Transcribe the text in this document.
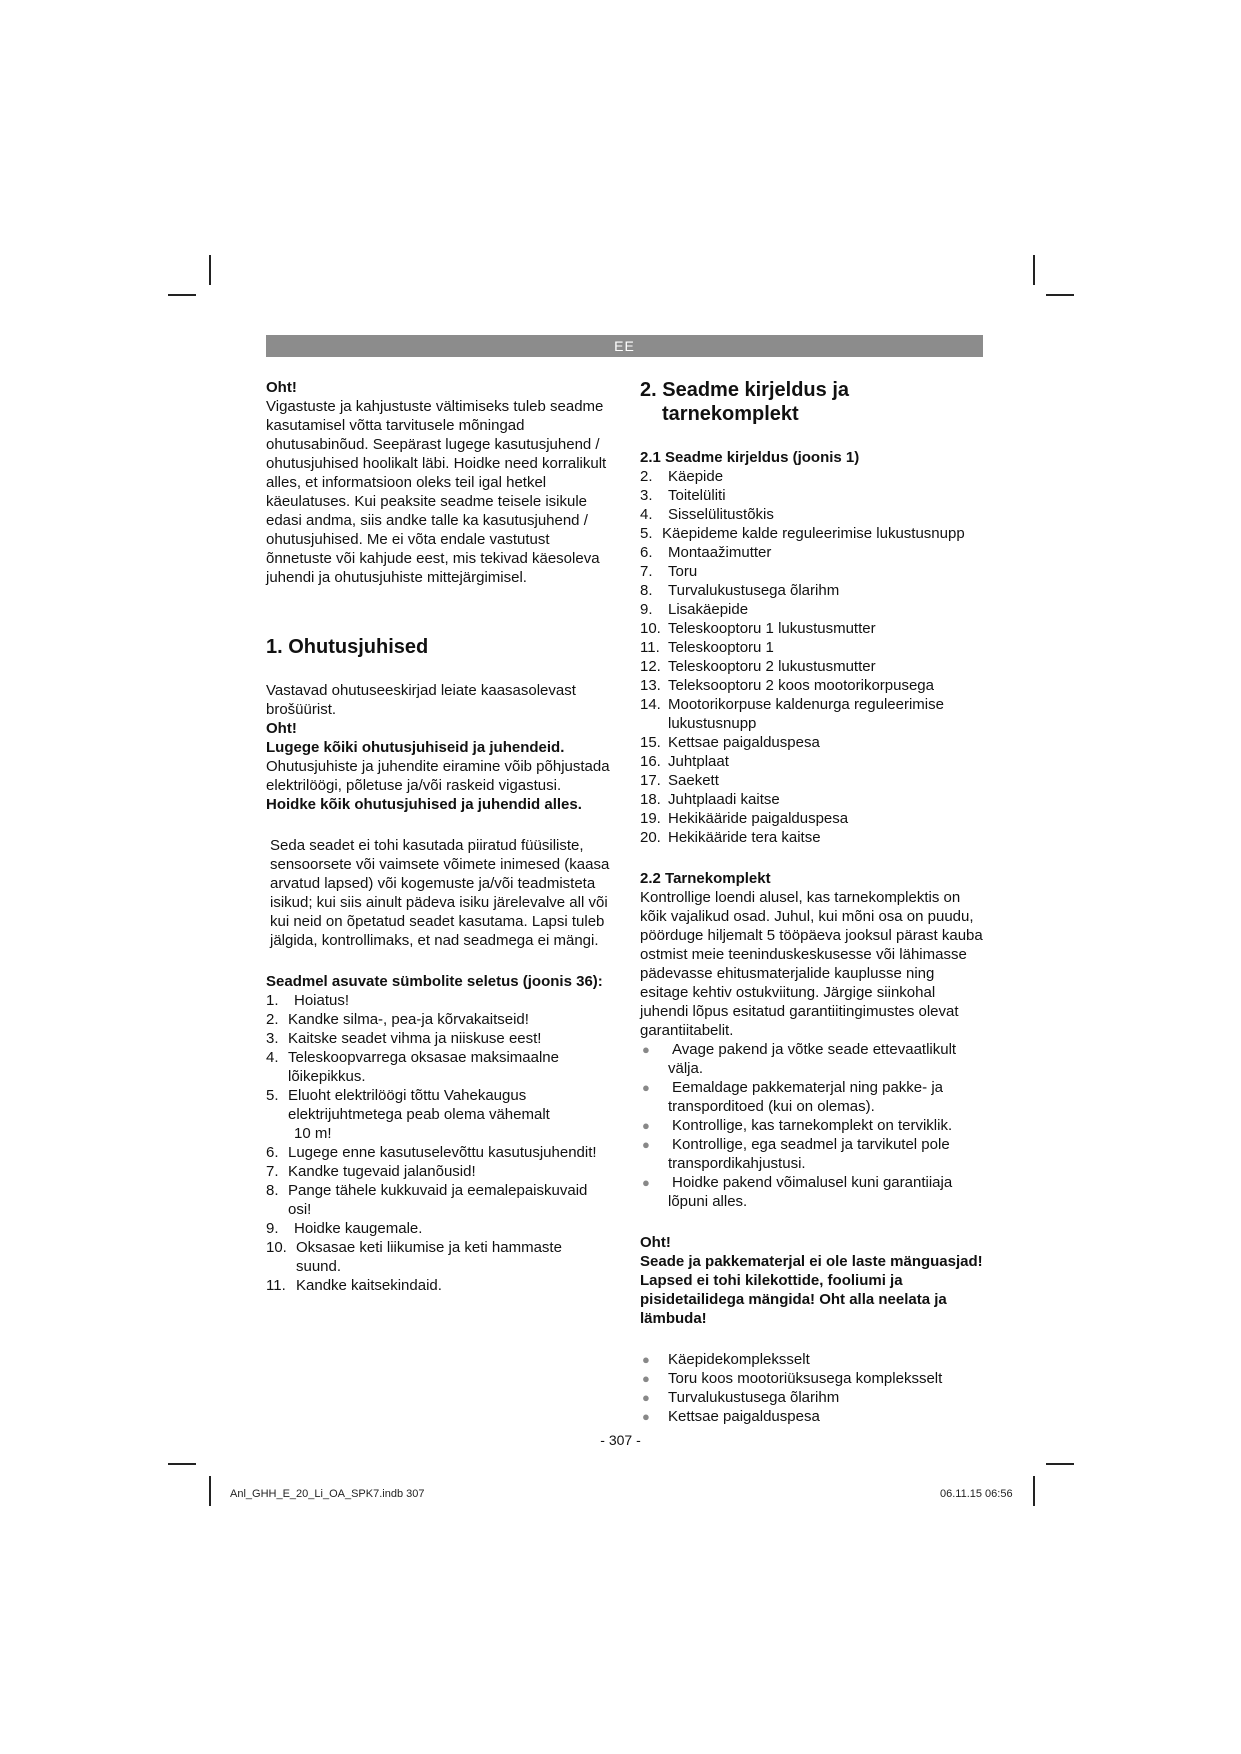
EE

Oht!

Vigastuste ja kahjustuste vältimiseks tuleb seadme kasutamisel võtta tarvitusele mõningad ohutusabinõud. Seepärast lugege kasutusjuhend / ohutusjuhised hoolikalt läbi. Hoidke need korralikult alles, et informatsioon oleks teil igal hetkel käeulatuses. Kui peaksite seadme teisele isikule edasi andma, siis andke talle ka kasutusjuhend / ohutusjuhised. Me ei võta endale vastutust õnnetuste või kahjude eest, mis tekivad käesoleva juhendi ja ohutusjuhiste mittejärgimisel.

1. Ohutusjuhised

Vastavad ohutuseeskirjad leiate kaasasolevast brošüürist.

Oht!

Lugege kõiki ohutusjuhiseid ja juhendeid.

Ohutusjuhiste ja juhendite eiramine võib põhjustada elektrilöögi, põletuse ja/või raskeid vigastusi.

Hoidke kõik ohutusjuhised ja juhendid alles.

Seda seadet ei tohi kasutada piiratud füüsiliste, sensoorsete või vaimsete võimete inimesed (kaasa arvatud lapsed) või kogemuste ja/või teadmisteta isikud; kui siis ainult pädeva isiku järelevalve all või kui neid on õpetatud seadet kasutama. Lapsi tuleb jälgida, kontrollimaks, et nad seadmega ei mängi.

Seadmel asuvate sümbolite seletus (joonis 36):
1.	Hoiatus!
2. Kandke silma-, pea-ja kõrvakaitseid!
3. Kaitske seadet vihma ja niiskuse eest!
4. Teleskoopvarrega oksasae maksimaalne lõikepikkus.
5. Eluoht elektrilöögi tõttu Vahekaugus elektrijuhtmetega peab olema vähemalt
10 m!
6. Lugege enne kasutuselevõttu kasutusjuhendit!
7. Kandke tugevaid jalanõusid!
8. Pange tähele kukkuvaid ja eemalepaiskuvaid osi!
9.	Hoidke kaugemale.
10. Oksasae keti liikumise ja keti hammaste suund.
11. Kandke kaitsekindaid.
2. Seadme kirjeldus ja
tarnekomplekt
2.1 Seadme kirjeldus (joonis 1)
2.	Käepide
3.	Toitelüliti
4.	Sisselülitustõkis
5. Käepideme kalde reguleerimise lukustusnupp
6.	Montaažimutter
7.	Toru
8.	Turvalukustusega õlarihm
9.	Lisakäepide
10. Teleskooptoru 1 lukustusmutter
11. Teleskooptoru 1
12. Teleskooptoru 2 lukustusmutter
13. Teleksooptoru 2 koos mootorikorpusega
14. Mootorikorpuse kaldenurga reguleerimise lukustusnupp
15. Kettsae paigalduspesa
16. Juhtplaat
17. Saekett
18. Juhtplaadi kaitse
19. Hekikääride paigalduspesa
20. Hekikääride tera kaitse
2.2 Tarnekomplekt

Kontrollige loendi alusel, kas tarnekomplektis on kõik vajalikud osad. Juhul, kui mõni osa on puudu, pöörduge hiljemalt 5 tööpäeva jooksul pärast kauba ostmist meie teeninduskeskusesse või lähimasse pädevasse ehitusmaterjalide kauplusse ning esitage kehtiv ostukviitung. Järgige siinkohal juhendi lõpus esitatud garantiitingimustes olevat garantiitabelit.

● Avage pakend ja võtke seade ettevaatlikult välja.
● Eemaldage pakkematerjal ning pakke- ja transporditoed (kui on olemas).
● Kontrollige, kas tarnekomplekt on terviklik.
● Kontrollige, ega seadmel ja tarvikutel pole transpordikahjustusi.
● Hoidke pakend võimalusel kuni garantiiaja lõpuni alles.

Oht!

Seade ja pakkematerjal ei ole laste mänguasjad! Lapsed ei tohi kilekottide, fooliumi ja pisidetailidega mängida! Oht alla neelata ja lämbuda!

● Käepidekompleksselt
● Toru koos mootoriüksusega kompleksselt
● Turvalukustusega õlarihm
● Kettsae paigalduspesa
- 307 -
Anl_GHH_E_20_Li_OA_SPK7.indb 307	06.11.15 06:56
